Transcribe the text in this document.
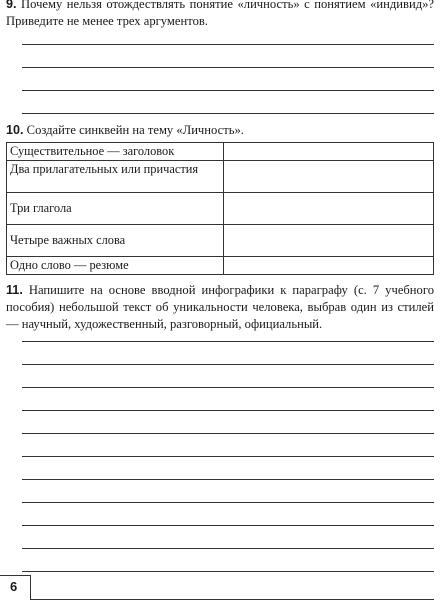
9. Почему нельзя отождествлять понятие «личность» с понятием «индивид»? Приведите не менее трех аргументов.

10. Создайте синквейн на тему «Личность».

Существительное — заголовок	
Два прилагательных или причастия	
Три глагола	
Четыре важных слова	
Одно слово — резюме	

11. Напишите на основе вводной инфографики к параграфу (с. 7 учебного пособия) небольшой текст об уникальности человека, выбрав один из стилей — научный, художественный, разговорный, официальный.

6
